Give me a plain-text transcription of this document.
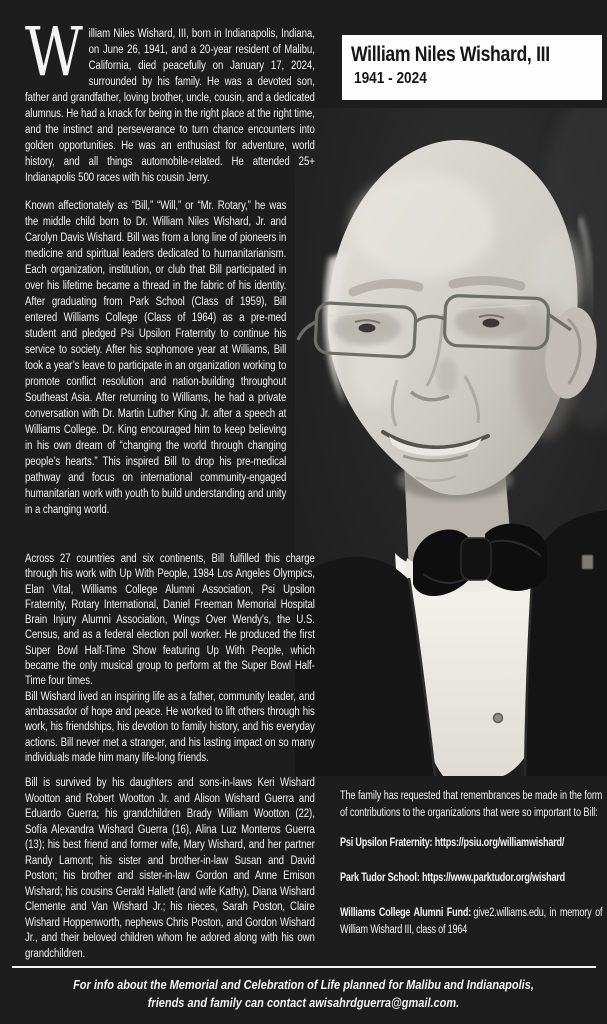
William Niles Wishard, III
1941 - 2024

William Niles Wishard, III, born in Indianapolis, Indiana, on June 26, 1941, and a 20-year resident of Malibu, California, died peacefully on January 17, 2024, surrounded by his family. He was a devoted son, father and grandfather, loving brother, uncle, cousin, and a dedicated alumnus. He had a knack for being in the right place at the right time, and the instinct and perseverance to turn chance encounters into golden opportunities. He was an enthusiast for adventure, world history, and all things automobile-related. He attended 25+ Indianapolis 500 races with his cousin Jerry.

Known affectionately as “Bill,” “Will,” or “Mr. Rotary,” he was the middle child born to Dr. William Niles Wishard, Jr. and Carolyn Davis Wishard. Bill was from a long line of pioneers in medicine and spiritual leaders dedicated to humanitarianism. Each organization, institution, or club that Bill participated in over his lifetime became a thread in the fabric of his identity. After graduating from Park School (Class of 1959), Bill entered Williams College (Class of 1964) as a pre-med student and pledged Psi Upsilon Fraternity to continue his service to society. After his sophomore year at Williams, Bill took a year’s leave to participate in an organization working to promote conflict resolution and nation-building throughout Southeast Asia. After returning to Williams, he had a private conversation with Dr. Martin Luther King Jr. after a speech at Williams College. Dr. King encouraged him to keep believing in his own dream of “changing the world through changing people’s hearts.” This inspired Bill to drop his pre-medical pathway and focus on international community-engaged humanitarian work with youth to build understanding and unity in a changing world.

Across 27 countries and six continents, Bill fulfilled this charge through his work with Up With People, 1984 Los Angeles Olympics, Elan Vital, Williams College Alumni Association, Psi Upsilon Fraternity, Rotary International, Daniel Freeman Memorial Hospital Brain Injury Alumni Association, Wings Over Wendy’s, the U.S. Census, and as a federal election poll worker. He produced the first Super Bowl Half-Time Show featuring Up With People, which became the only musical group to perform at the Super Bowl Half-Time four times.

Bill Wishard lived an inspiring life as a father, community leader, and ambassador of hope and peace. He worked to lift others through his work, his friendships, his devotion to family history, and his everyday actions. Bill never met a stranger, and his lasting impact on so many individuals made him many life-long friends.

Bill is survived by his daughters and sons-in-laws Keri Wishard Wootton and Robert Wootton Jr. and Alison Wishard Guerra and Eduardo Guerra; his grandchildren Brady William Wootton (22), Sofía Alexandra Wishard Guerra (16), Alina Luz Monteros Guerra (13); his best friend and former wife, Mary Wishard, and her partner Randy Lamont; his sister and brother-in-law Susan and David Poston; his brother and sister-in-law Gordon and Anne Emison Wishard; his cousins Gerald Hallett (and wife Kathy), Diana Wishard Clemente and Van Wishard Jr.; his nieces, Sarah Poston, Claire Wishard Hoppenworth, nephews Chris Poston, and Gordon Wishard Jr., and their beloved children whom he adored along with his own grandchildren.

The family has requested that remembrances be made in the form of contributions to the organizations that were so important to Bill:

Psi Upsilon Fraternity: https://psiu.org/williamwishard/

Park Tudor School: https://www.parktudor.org/wishard

Williams College Alumni Fund: give2.williams.edu, in memory of William Wishard III, class of 1964

For info about the Memorial and Celebration of Life planned for Malibu and Indianapolis,
friends and family can contact awisahrdguerra@gmail.com.
